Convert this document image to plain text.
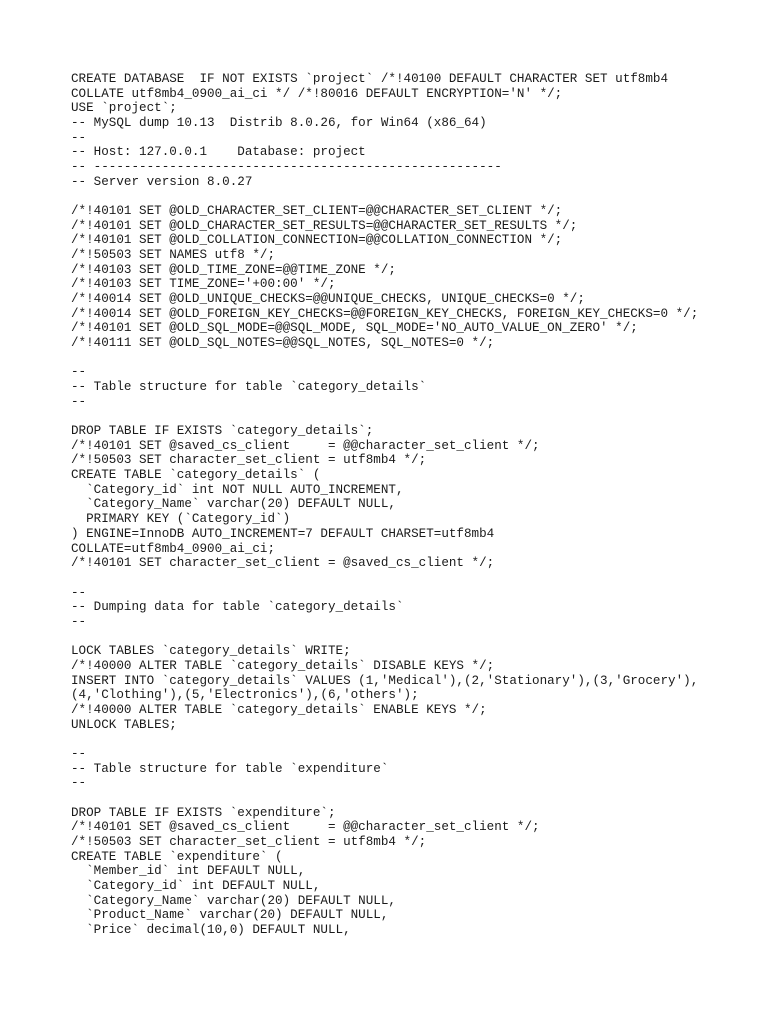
CREATE DATABASE  IF NOT EXISTS `project` /*!40100 DEFAULT CHARACTER SET utf8mb4
COLLATE utf8mb4_0900_ai_ci */ /*!80016 DEFAULT ENCRYPTION='N' */;
USE `project`;
-- MySQL dump 10.13  Distrib 8.0.26, for Win64 (x86_64)
--
-- Host: 127.0.0.1    Database: project
-- ------------------------------------------------------
-- Server version 8.0.27
/*!40101 SET @OLD_CHARACTER_SET_CLIENT=@@CHARACTER_SET_CLIENT */;
/*!40101 SET @OLD_CHARACTER_SET_RESULTS=@@CHARACTER_SET_RESULTS */;
/*!40101 SET @OLD_COLLATION_CONNECTION=@@COLLATION_CONNECTION */;
/*!50503 SET NAMES utf8 */;
/*!40103 SET @OLD_TIME_ZONE=@@TIME_ZONE */;
/*!40103 SET TIME_ZONE='+00:00' */;
/*!40014 SET @OLD_UNIQUE_CHECKS=@@UNIQUE_CHECKS, UNIQUE_CHECKS=0 */;
/*!40014 SET @OLD_FOREIGN_KEY_CHECKS=@@FOREIGN_KEY_CHECKS, FOREIGN_KEY_CHECKS=0 */;
/*!40101 SET @OLD_SQL_MODE=@@SQL_MODE, SQL_MODE='NO_AUTO_VALUE_ON_ZERO' */;
/*!40111 SET @OLD_SQL_NOTES=@@SQL_NOTES, SQL_NOTES=0 */;
--
-- Table structure for table `category_details`
--
DROP TABLE IF EXISTS `category_details`;
/*!40101 SET @saved_cs_client     = @@character_set_client */;
/*!50503 SET character_set_client = utf8mb4 */;
CREATE TABLE `category_details` (
`Category_id` int NOT NULL AUTO_INCREMENT,
`Category_Name` varchar(20) DEFAULT NULL,
PRIMARY KEY (`Category_id`)
) ENGINE=InnoDB AUTO_INCREMENT=7 DEFAULT CHARSET=utf8mb4
COLLATE=utf8mb4_0900_ai_ci;
/*!40101 SET character_set_client = @saved_cs_client */;
--
-- Dumping data for table `category_details`
--
LOCK TABLES `category_details` WRITE;
/*!40000 ALTER TABLE `category_details` DISABLE KEYS */;
INSERT INTO `category_details` VALUES (1,'Medical'),(2,'Stationary'),(3,'Grocery'),
(4,'Clothing'),(5,'Electronics'),(6,'others');
/*!40000 ALTER TABLE `category_details` ENABLE KEYS */;
UNLOCK TABLES;
--
-- Table structure for table `expenditure`
--
DROP TABLE IF EXISTS `expenditure`;
/*!40101 SET @saved_cs_client     = @@character_set_client */;
/*!50503 SET character_set_client = utf8mb4 */;
CREATE TABLE `expenditure` (
`Member_id` int DEFAULT NULL,
`Category_id` int DEFAULT NULL,
`Category_Name` varchar(20) DEFAULT NULL,
`Product_Name` varchar(20) DEFAULT NULL,
`Price` decimal(10,0) DEFAULT NULL,
